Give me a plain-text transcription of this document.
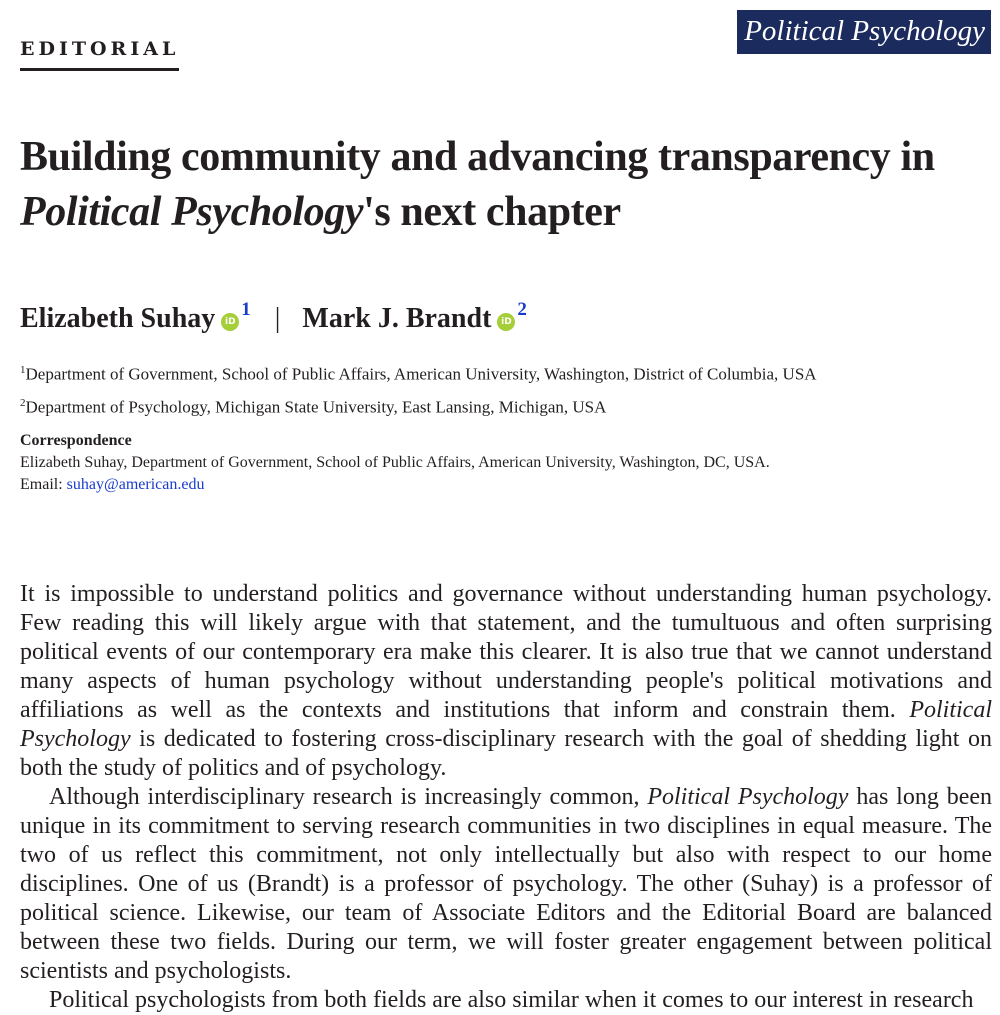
EDITORIAL
Political Psychology
Building community and advancing transparency in
Political Psychology's next chapter
Elizabeth Suhay iD$^1$ | Mark J. Brandt iD$^2$
$^1$Department of Government, School of Public Affairs, American University, Washington, District of Columbia, USA
$^2$Department of Psychology, Michigan State University, East Lansing, Michigan, USA
Correspondence
Elizabeth Suhay, Department of Government, School of Public Affairs, American University, Washington, DC, USA.
Email: suhay@american.edu

It is impossible to understand politics and governance without understanding human psychology. Few reading this will likely argue with that statement, and the tumultuous and often surprising political events of our contemporary era make this clearer. It is also true that we cannot understand many aspects of human psychology without understanding people's political motivations and affiliations as well as the contexts and institutions that inform and constrain them. Political Psychology is dedicated to fostering cross-disciplinary research with the goal of shedding light on both the study of politics and of psychology.

Although interdisciplinary research is increasingly common, Political Psychology has long been unique in its commitment to serving research communities in two disciplines in equal measure. The two of us reflect this commitment, not only intellectually but also with respect to our home disciplines. One of us (Brandt) is a professor of psychology. The other (Suhay) is a professor of political science. Likewise, our team of Associate Editors and the Editorial Board are balanced between these two fields. During our term, we will foster greater engagement between political scientists and psychologists.

Political psychologists from both fields are also similar when it comes to our interest in research
